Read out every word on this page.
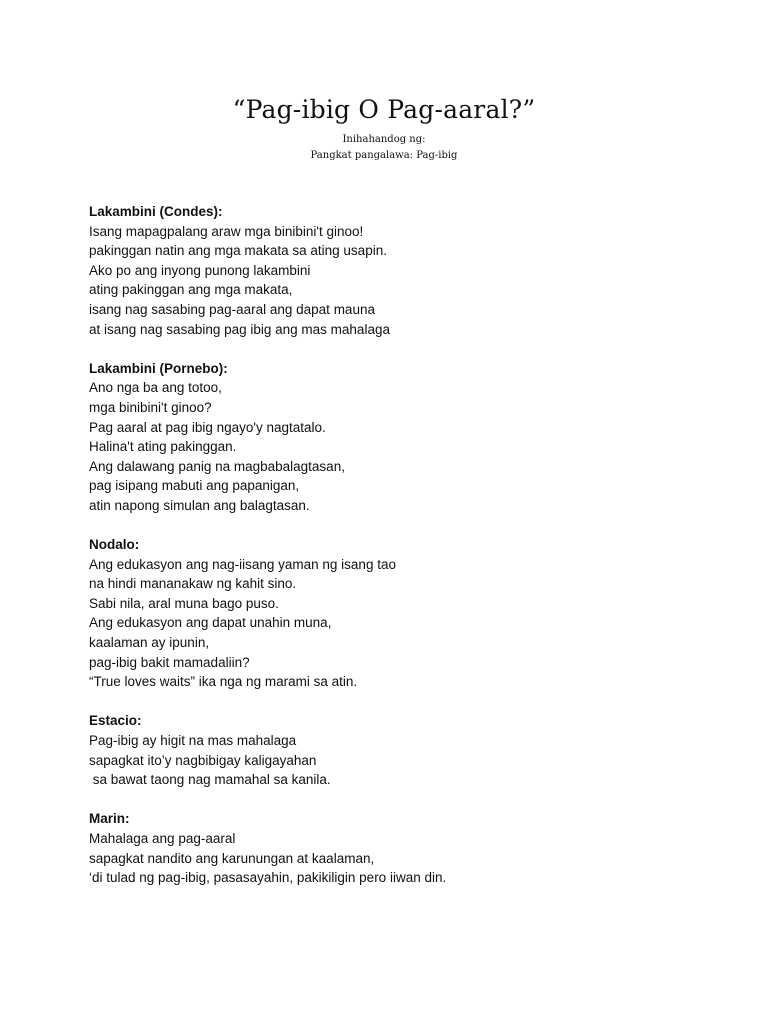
“Pag-ibig O Pag-aaral?”
Inihahandog ng:
Pangkat pangalawa: Pag-ibig
Lakambini (Condes):
Isang mapagpalang araw mga binibini't ginoo!
pakinggan natin ang mga makata sa ating usapin.
Ako po ang inyong punong lakambini
ating pakinggan ang mga makata,
isang nag sasabing pag-aaral ang dapat mauna
at isang nag sasabing pag ibig ang mas mahalaga
Lakambini (Pornebo):
Ano nga ba ang totoo,
mga binibini't ginoo?
Pag aaral at pag ibig ngayo'y nagtatalo.
Halina't ating pakinggan.
Ang dalawang panig na magbabalagtasan,
pag isipang mabuti ang papanigan,
atin napong simulan ang balagtasan.
Nodalo:
Ang edukasyon ang nag-iisang yaman ng isang tao
na hindi mananakaw ng kahit sino.
Sabi nila, aral muna bago puso.
Ang edukasyon ang dapat unahin muna,
kaalaman ay ipunin,
pag-ibig bakit mamadaliin?
“True loves waits” ika nga ng marami sa atin.
Estacio:
Pag-ibig ay higit na mas mahalaga
sapagkat ito’y nagbibigay kaligayahan
sa bawat taong nag mamahal sa kanila.
Marin:
Mahalaga ang pag-aaral
sapagkat nandito ang karunungan at kaalaman,
‘di tulad ng pag-ibig, pasasayahin, pakikiligin pero iiwan din.
